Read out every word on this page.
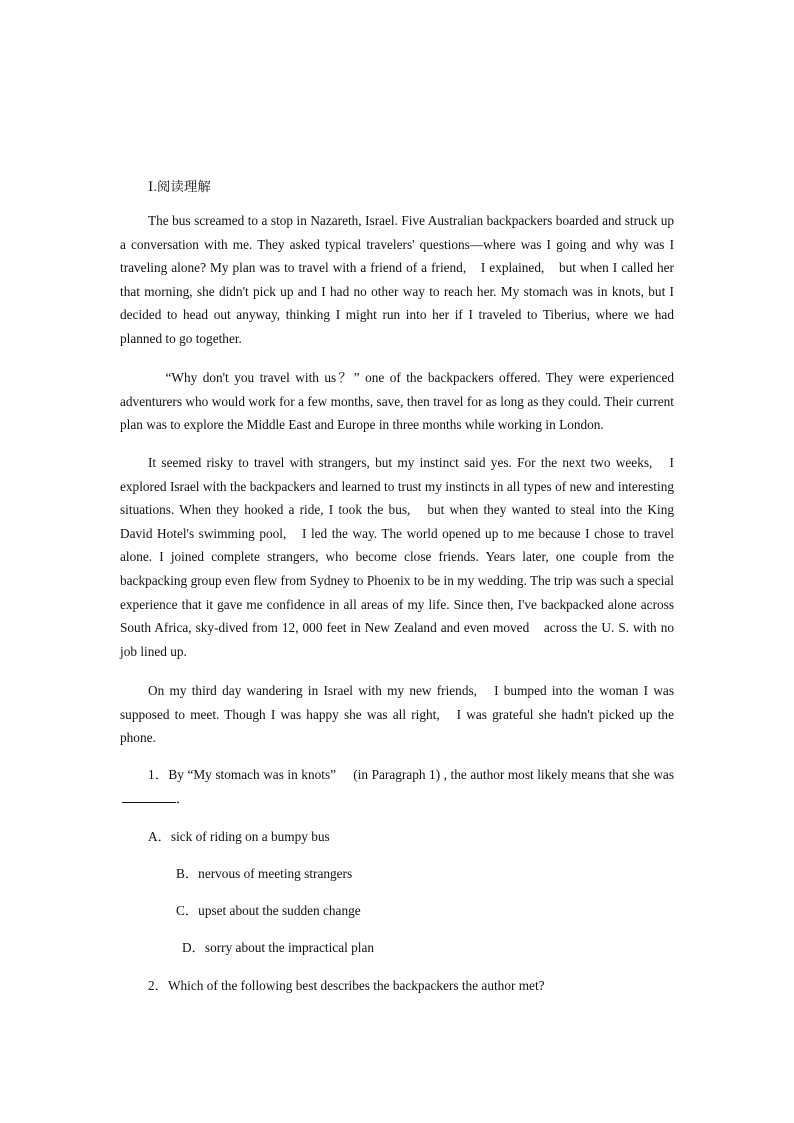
Ⅰ.阅读理解

The bus screamed to a stop in Nazareth, Israel. Five Australian backpackers boarded and struck up a conversation with me. They asked typical travelers' questions—where was I going and why was I traveling alone? My plan was to travel with a friend of a friend,　I explained,　but when I called her that morning, she didn't pick up and I had no other way to reach her. My stomach was in knots, but I decided to head out anyway, thinking I might run into her if I traveled to Tiberius, where we had planned to go together.

　“Why don't you travel with us？” one of the backpackers offered. They were experienced adventurers who would work for a few months, save, then travel for as long as they could. Their current plan was to explore the Middle East and Europe in three months while working in London.

It seemed risky to travel with strangers, but my instinct said yes. For the next two weeks,　I explored Israel with the backpackers and learned to trust my instincts in all types of new and interesting situations. When they hooked a ride, I took the bus,　but when they wanted to steal into the King David Hotel's swimming pool,　I led the way. The world opened up to me because I chose to travel alone. I joined complete strangers, who become close friends. Years later, one couple from the backpacking group even flew from Sydney to Phoenix to be in my wedding. The trip was such a special experience that it gave me confidence in all areas of my life. Since then, I've backpacked alone across South Africa, sky-dived from 12, 000 feet in New Zealand and even moved　across the U. S. with no job lined up.

On my third day wandering in Israel with my new friends,　I bumped into the woman I was supposed to meet. Though I was happy she was all right,　I was grateful she hadn't picked up the phone.

1．By “My stomach was in knots”　 (in Paragraph 1) , the author most likely means that she was．

A．sick of riding on a bumpy bus

B．nervous of meeting strangers

C．upset about the sudden change

D．sorry about the impractical plan

2．Which of the following best describes the backpackers the author met?
